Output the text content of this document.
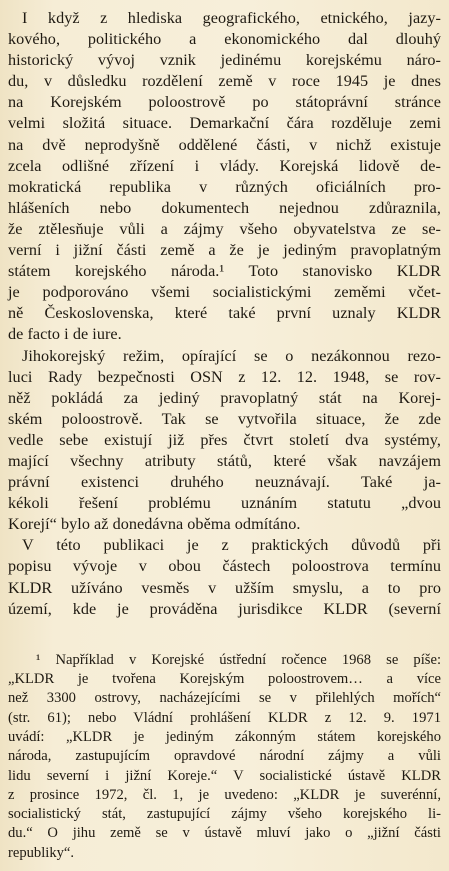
I když z hlediska geografického, etnického, jazy-
kového, politického a ekonomického dal dlouhý
historický vývoj vznik jedinému korejskému náro-
du, v důsledku rozdělení země v roce 1945 je dnes
na Korejském poloostrově po státoprávní stránce
velmi složitá situace. Demarkační čára rozděluje zemi
na dvě neprodyšně oddělené části, v nichž existuje
zcela odlišné zřízení i vlády. Korejská lidově de-
mokratická republika v různých oficiálních pro-
hlášeních nebo dokumentech nejednou zdůraznila,
že ztělesňuje vůli a zájmy všeho obyvatelstva ze se-
verní i jižní části země a že je jediným pravoplatným
státem korejského národa.¹ Toto stanovisko KLDR
je podporováno všemi socialistickými zeměmi včet-
ně Československa, které také první uznaly KLDR
de facto i de iure.

Jihokorejský režim, opírající se o nezákonnou rezo-
luci Rady bezpečnosti OSN z 12. 12. 1948, se rov-
něž pokládá za jediný pravoplatný stát na Korej-
ském poloostrově. Tak se vytvořila situace, že zde
vedle sebe existují již přes čtvrt století dva systémy,
mající všechny atributy států, které však navzájem
právní existenci druhého neuznávají. Také ja-
kékoli řešení problému uznáním statutu „dvou
Korejí“ bylo až donedávna oběma odmítáno.

V této publikaci je z praktických důvodů při
popisu vývoje v obou částech poloostrova termínu
KLDR užíváno vesměs v užším smyslu, a to pro
území, kde je prováděna jurisdikce KLDR (severní

¹ Například v Korejské ústřední ročence 1968 se píše:
„KLDR je tvořena Korejským poloostrovem… a více
než 3300 ostrovy, nacházejícími se v přilehlých mořích“
(str. 61); nebo Vládní prohlášení KLDR z 12. 9. 1971
uvádí: „KLDR je jediným zákonným státem korejského
národa, zastupujícím opravdové národní zájmy a vůli
lidu severní i jižní Koreje.“ V socialistické ústavě KLDR
z prosince 1972, čl. 1, je uvedeno: „KLDR je suverénní,
socialistický stát, zastupující zájmy všeho korejského li-
du.“ O jihu země se v ústavě mluví jako o „jižní části
republiky“.
